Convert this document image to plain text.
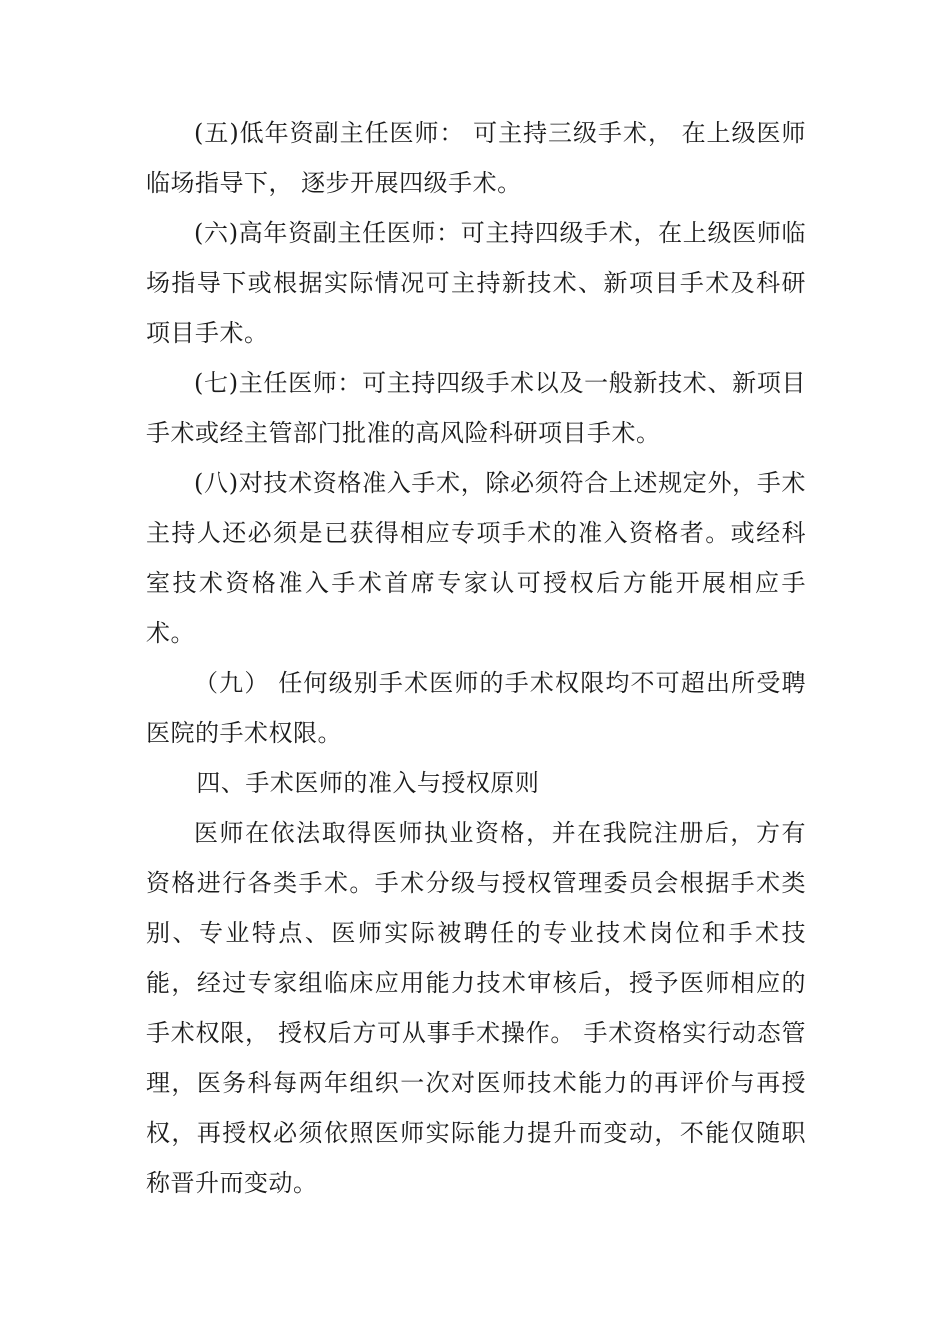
(五)低年资副主任医师： 可主持三级手术， 在上级医师临场指导下， 逐步开展四级手术。

(六)高年资副主任医师：可主持四级手术，在上级医师临场指导下或根据实际情况可主持新技术、新项目手术及科研项目手术。

(七)主任医师：可主持四级手术以及一般新技术、新项目手术或经主管部门批准的高风险科研项目手术。

(八)对技术资格准入手术，除必须符合上述规定外，手术主持人还必须是已获得相应专项手术的准入资格者。或经科室技术资格准入手术首席专家认可授权后方能开展相应手术。

（九） 任何级别手术医师的手术权限均不可超出所受聘医院的手术权限。

四、手术医师的准入与授权原则

医师在依法取得医师执业资格，并在我院注册后，方有资格进行各类手术。手术分级与授权管理委员会根据手术类别、专业特点、医师实际被聘任的专业技术岗位和手术技能，经过专家组临床应用能力技术审核后，授予医师相应的手术权限， 授权后方可从事手术操作。 手术资格实行动态管理，医务科每两年组织一次对医师技术能力的再评价与再授权，再授权必须依照医师实际能力提升而变动，不能仅随职称晋升而变动。
